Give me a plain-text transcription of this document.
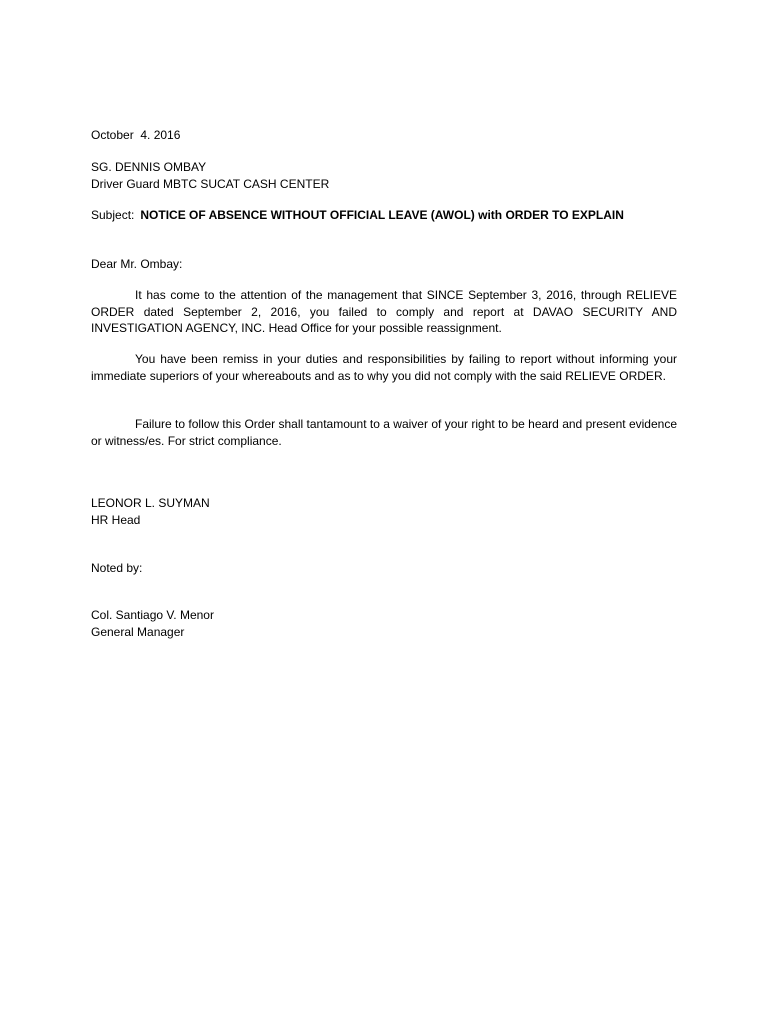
October  4. 2016
SG. DENNIS OMBAY
Driver Guard MBTC SUCAT CASH CENTER
Subject: NOTICE OF ABSENCE WITHOUT OFFICIAL LEAVE (AWOL) with ORDER TO EXPLAIN
Dear Mr. Ombay:

It has come to the attention of the management that SINCE September 3, 2016, through RELIEVE ORDER dated September 2, 2016, you failed to comply and report at DAVAO SECURITY AND INVESTIGATION AGENCY, INC. Head Office for your possible reassignment.

You have been remiss in your duties and responsibilities by failing to report without informing your immediate superiors of your whereabouts and as to why you did not comply with the said RELIEVE ORDER.

Failure to follow this Order shall tantamount to a waiver of your right to be heard and present evidence or witness/es. For strict compliance.

LEONOR L. SUYMAN
HR Head
Noted by:
Col. Santiago V. Menor
General Manager
